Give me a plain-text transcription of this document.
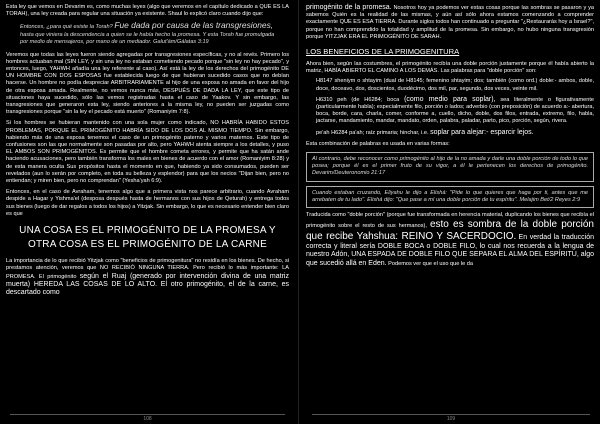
Esta ley que vemos en Devarim es, como muchas leyes (algo que veremos en el capítulo dedicado a QUE ES LA TORAH), una ley creada para regular una situación ya existente. Shaul lo explicó claro cuando dijo que:

Entonces, ¿para qué existe la Torah? Fue dada por causa de las transgresiones, hasta que viniera la descendencia a quien se le había hecho la promesa. Y esta Torah fue promulgada por medio de mensajeros, por mano de un mediador. Galut'ám/Gálatas 3:19

Veremos que todas las leyes fueron siendo agregadas por transgresiones específicas, y no al revés. Primero los hombres actuaban mal (SIN LEY, y sin una ley no estaban cometiendo pecado porque "sin ley no hay pecado", y entonces, luego, YAHWH añadía una ley referente al caso). Así está la ley de los derechos del primogénito DE UN HOMBRE CON DOS ESPOSAS fue establecida luego de que hubieran sucedido casos que no debían hacerse. Un hombre no podía despreciar ARBITRARIAMENTE al hijo de una esposa no amada en favor del hijo de otra esposa amada. Realmente, no vemos nunca más, DESPUÉS DE DADA LA LEY, que este tipo de situaciones haya sucedido, sólo las vemos registradas hasta el caso de Yaakov. Y sin embargo, las transgresiones que generaron esta ley, siendo anteriores a la misma ley, no pueden ser juzgadas como transgresiones porque "sin la ley el pecado está muerto" (Romaniyim 7:8).

Si los hombres se hubieran mantenido con una sola mujer como indicado, NO HABRÍA HABIDO ESTOS PROBLEMAS, PORQUE EL PRIMOGÉNITO HABRÍA SIDO DE LOS DOS AL MISMO TIEMPO. Sin embargo, habiendo más de una esposa tenemos el caso de un primogénito paterno y varios maternos. Este tipo de confusiones son las que normalmente son pasadas por alto, pero YAHWH atenta siempre a los detalles, y puso EL AMBOS SON PRIMOGÉNITOS. Es permite que el hombre cometa errores, y permite que ha satán ande haciendo acusaciones, pero también transforma los males en bienes de acuerdo con el amor (Romaniyim 8:28) y de esta manera oculta Sus propósitos hasta el momento en que, habiendo ya sido consumados, pueden ser revelados (aun lo serán por completo, en toda su belleza y esplendor) para que los necios "Dijan bien, pero no entiendan; y miren bien, pero no comprendan" (Yesha'yah 6:9).

Entonces, en el caso de Avraham, tenemos algo que a primera vista nos parece arbitrario, cuando Avraham despide a Hagar y Yishma'el (desposa después hasta de hermanos con sus hijos de Qeturah) y entrega todos sus bienes (luego de dar regalos a todos los hijos) a Yitzjak. Sin embargo, lo que es necesario entender bien claro es que

UNA COSA ES EL PRIMOGÉNITO DE LA PROMESA Y OTRA COSA ES EL PRIMOGÉNITO DE LA CARNE

La importancia de lo que recibió Yitzjak como "beneficios de primogenitura" no residía en los bienes. De hecho, si prestamos atención, veremos que NO RECIBIÓ NINGUNA TIERRA. Pero recibió lo más importante: LA PROMESA. El primogénito según el Ruaj (generado por intervención divina de una matriz muerta) HEREDA LAS COSAS DE LO ALTO. El otro primogénito, el de la carne, es descartado como

108

primogénito de la promesa. Nosotros hoy ya podemos ver estas cosas porque las sombras se pasaron y ya sabemos Quién es la realidad de las mismas, y aún así sólo ahora estamos comenzando a comprender exactamente QUE ES ESA TIERRA. Durante siglos todos han continuado a preguntar "¿Restaurarás hoy a Israel?", porque no han comprendido la totalidad y amplitud de la promesa. Sin embargo, no hubo ninguna transgresión porque YITZJAK ERA EL PRIMOGÉNITO DE SARAH.

LOS BENEFICIOS DE LA PRIMOGENITURA

Ahora bien, según las costumbres, el primogénito recibía una doble porción justamente porque él había abierto la matriz, HABÍA ABIERTO EL CAMINO A LOS DEMÁS. Las palabras para "doble porción" son:

H8147 sheniym o shtayim (dual de H8145; femenino shtayim; dos; también (como ord.) doble:- ambos, doble, doce, doceavo, dos, doscientos, duodécimo, dos mil, par, segundo, dos veces, veinte mil.

H6310 peh (de H6284; boca (como medio para soplar), sea literalmente o figurativamente (particularmente habla); especialmente filo, porción o lados; adverbio (con preposición) de acuerdo a:- abertura, boca, borde, cara, charla, comer, conforme a, cuello, dicho, doble, dos filos, entrada, extremo, filo, habla, jactarse, mandamiento, mandar, mandato, orden, palabra, paladar, parto, pico, porción, según, rivera.

pe'ah H6284 pa'ah; raíz primaria; hinchar, i.e. soplar para alejar:- esparcir lejos.

Esta combinación de palabras es usada en varias formas:

Al contrario, debe reconocer como primogénito al hijo de la no amada y darle una doble porción de todo lo que posea; porque él es el primer fruto de su vigor, a él le pertenecen los derechos de primogénito. Devarim/Deuteronomio 21:17

Cuando estaban cruzando, Eliyahu le dijo a Elishá: "Pide lo que quieres que haga por ti, antes que me arrebaten de tu lado". Elishá dijo: "Que pase a mí una doble porción de tu espíritu". Melajim Bet/2 Reyes 2:9

Traducida como "doble porción" (porque fue transformada en herencia material, duplicando los bienes que recibía el primogénito sobre el resto de sus hermanos), esto es sombra de la doble porción que recibe Yahshua: REINO Y SACERDOCIO. En verdad la traducción correcta y literal sería DOBLE BOCA o DOBLE FILO, lo cual nos recuerda a la lengua de nuestro Adón, UNA ESPADA DE DOBLE FILO QUE SEPARA EL ALMA DEL ESPÍRITU, algo que sucedió allá en Eden. Podemos ver que el uso que le da

109
